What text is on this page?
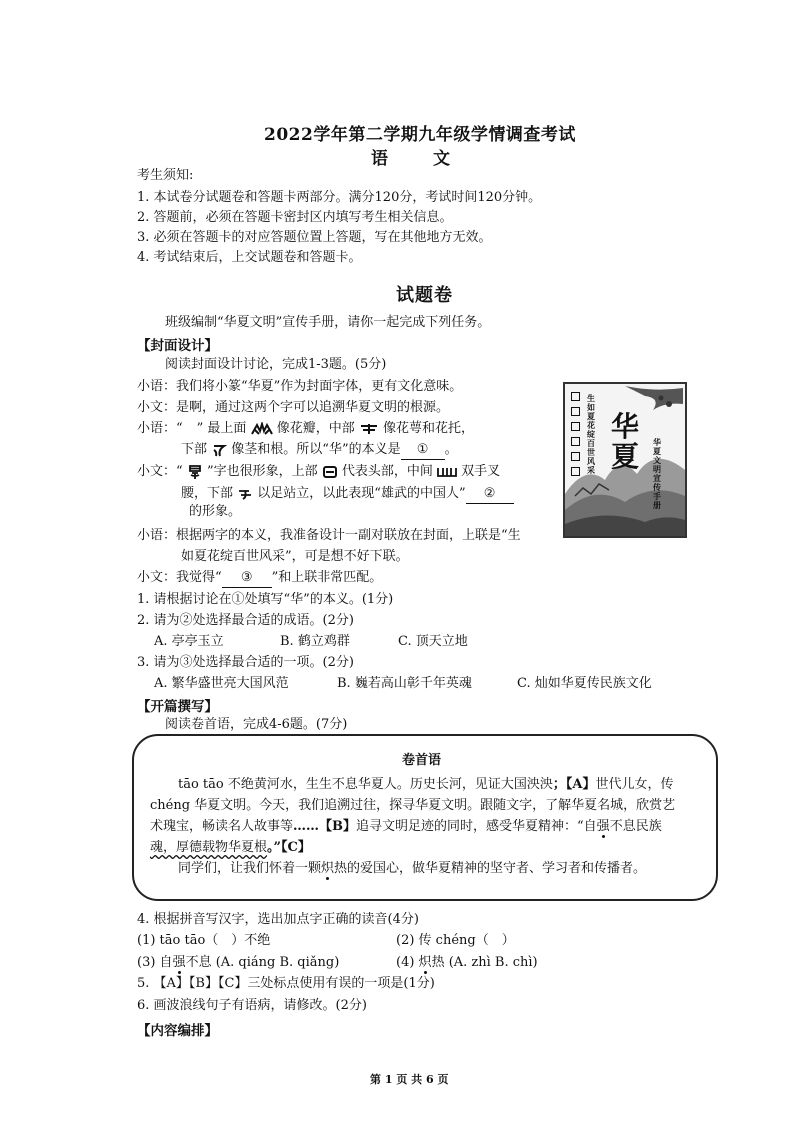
2022学年第二学期九年级学情调查考试
语　文
考生须知:
1. 本试卷分试题卷和答题卡两部分。满分120分，考试时间120分钟。
2. 答题前，必须在答题卡密封区内填写考生相关信息。
3. 必须在答题卡的对应答题位置上答题，写在其他地方无效。
4. 考试结束后，上交试题卷和答题卡。
试题卷
班级编制“华夏文明”宣传手册，请你一起完成下列任务。
【封面设计】
阅读封面设计讨论，完成1-3题。(5分)
小语：我们将小篆“华夏”作为封面字体，更有文化意味。
小文：是啊，通过这两个字可以追溯华夏文明的根源。
小语：“ ” 最上面 像花瓣，中部 像花萼和花托，
下部 像茎和根。所以“华”的本义是 ① 。
小文：“ ”字也很形象，上部 代表头部，中间 双手叉
腰，下部 以足站立，以此表现“雄武的中国人” ②
的形象。
小语：根据两字的本义，我准备设计一副对联放在封面，上联是“生
如夏花绽百世风采”，可是想不好下联。
小文：我觉得“ ③ ”和上联非常匹配。
生如夏花绽百世风采
华 夏	华夏文明宣传手册
1. 请根据讨论在①处填写“华”的本义。(1分)
2. 请为②处选择最合适的成语。(2分)
A. 亭亭玉立	B. 鹤立鸡群	C. 顶天立地
3. 请为③处选择最合适的一项。(2分)
A. 繁华盛世亮大国风范	B. 巍若高山彰千年英魂	C. 灿如华夏传民族文化
【开篇撰写】
阅读卷首语，完成4-6题。(7分)
卷首语
tāo tāo 不绝黄河水，生生不息华夏人。历史长河，见证大国泱泱；【A】世代儿女，传
chéng 华夏文明。今天，我们追溯过往，探寻华夏文明。跟随文字，了解华夏名城，欣赏艺
术瑰宝，畅读名人故事等……【B】追寻文明足迹的同时，感受华夏精神：“自强不息民族
魂，厚德载物华夏根。”【C】
同学们，让我们怀着一颗炽热的爱国心，做华夏精神的坚守者、学习者和传播者。
4. 根据拼音写汉字，选出加点字正确的读音(4分)
(1) tāo tāo（　）不绝	(2) 传 chéng（　）
(3) 自强不息 (A. qiáng B. qiǎng)	(4) 炽热 (A. zhì B. chì)
5. 【A】【B】【C】三处标点使用有误的一项是(1分)
6. 画波浪线句子有语病，请修改。(2分)
【内容编排】
第 1 页 共 6 页
